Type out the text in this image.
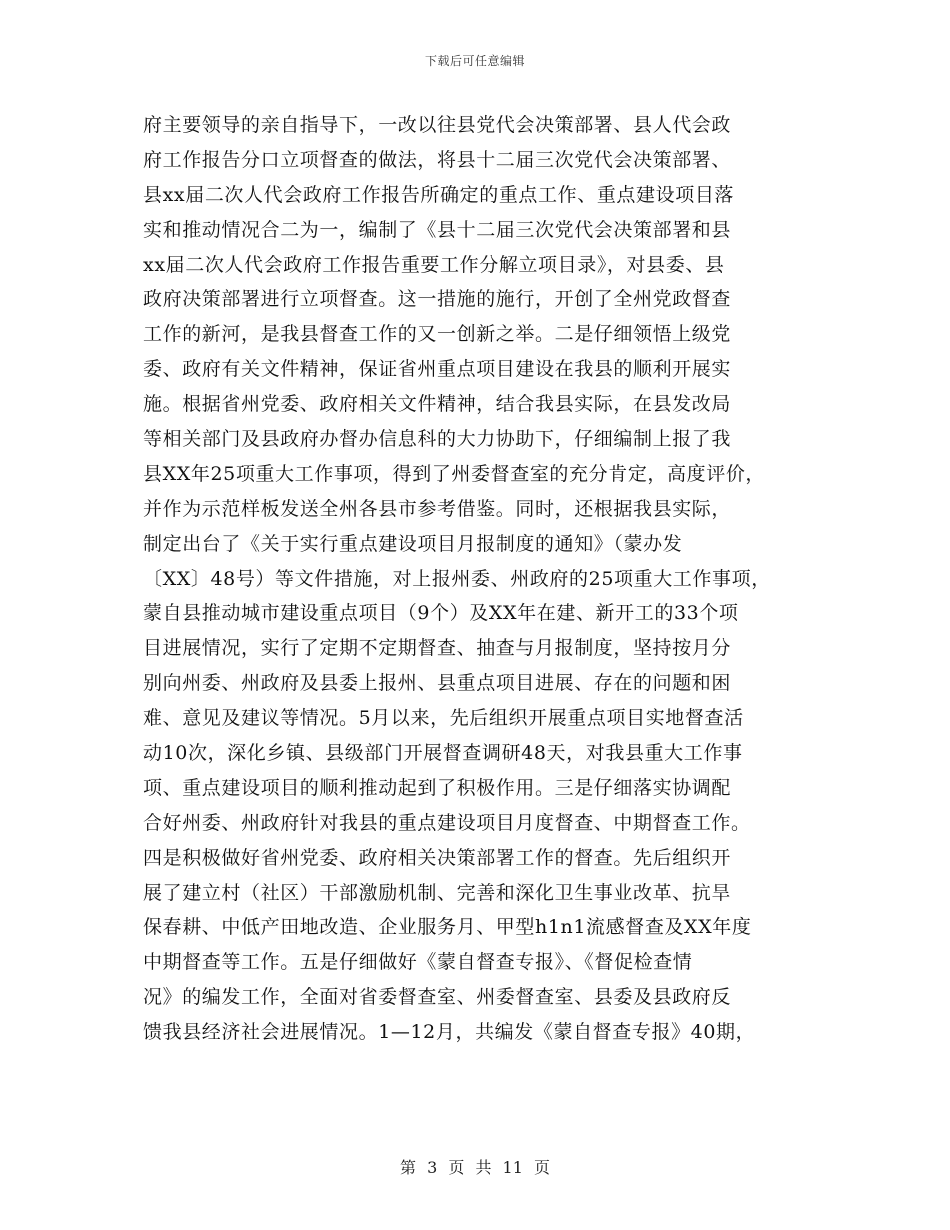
下载后可任意编辑
府主要领导的亲自指导下，一改以往县党代会决策部署、县人代会政
府工作报告分口立项督查的做法，将县十二届三次党代会决策部署、
县xx届二次人代会政府工作报告所确定的重点工作、重点建设项目落
实和推动情况合二为一，编制了《县十二届三次党代会决策部署和县
xx届二次人代会政府工作报告重要工作分解立项目录》，对县委、县
政府决策部署进行立项督查。这一措施的施行，开创了全州党政督查
工作的新河，是我县督查工作的又一创新之举。二是仔细领悟上级党
委、政府有关文件精神，保证省州重点项目建设在我县的顺利开展实
施。根据省州党委、政府相关文件精神，结合我县实际，在县发改局
等相关部门及县政府办督办信息科的大力协助下，仔细编制上报了我
县XX年25项重大工作事项，得到了州委督查室的充分肯定，高度评价，
并作为示范样板发送全州各县市参考借鉴。同时，还根据我县实际，
制定出台了《关于实行重点建设项目月报制度的通知》（蒙办发
〔XX〕48号）等文件措施，对上报州委、州政府的25项重大工作事项，
蒙自县推动城市建设重点项目（9个）及XX年在建、新开工的33个项
目进展情况，实行了定期不定期督查、抽查与月报制度，坚持按月分
别向州委、州政府及县委上报州、县重点项目进展、存在的问题和困
难、意见及建议等情况。5月以来，先后组织开展重点项目实地督查活
动10次，深化乡镇、县级部门开展督查调研48天，对我县重大工作事
项、重点建设项目的顺利推动起到了积极作用。三是仔细落实协调配
合好州委、州政府针对我县的重点建设项目月度督查、中期督查工作。
四是积极做好省州党委、政府相关决策部署工作的督查。先后组织开
展了建立村（社区）干部激励机制、完善和深化卫生事业改革、抗旱
保春耕、中低产田地改造、企业服务月、甲型h1n1流感督查及XX年度
中期督查等工作。五是仔细做好《蒙自督查专报》、《督促检查情
况》的编发工作，全面对省委督查室、州委督查室、县委及县政府反
馈我县经济社会进展情况。1—12月，共编发《蒙自督查专报》40期，
第 3 页 共 11 页
